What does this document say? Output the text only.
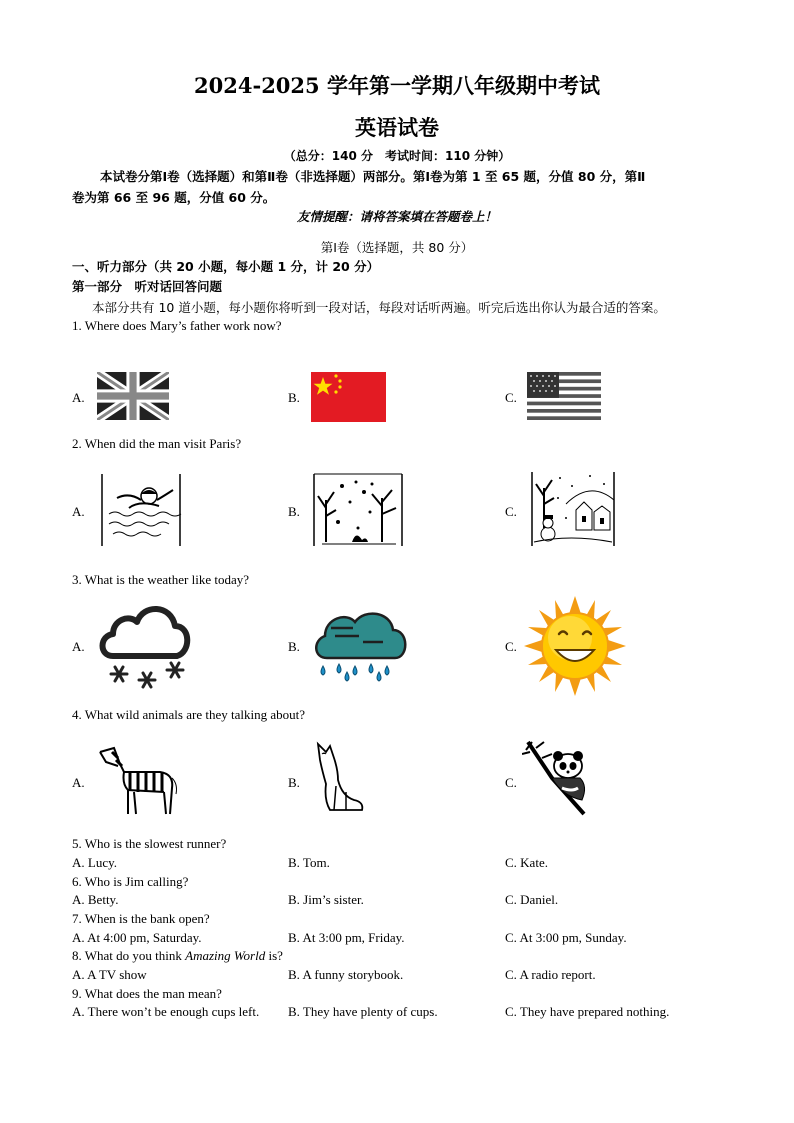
2024-2025 学年第一学期八年级期中考试
英语试卷
（总分：140 分　考试时间：110 分钟）
本试卷分第Ⅰ卷（选择题）和第Ⅱ卷（非选择题）两部分。第Ⅰ卷为第 1 至 65 题，分值 80 分，第Ⅱ
卷为第 66 至 96 题，分值 60 分。
友情提醒：请将答案填在答题卷上！
第Ⅰ卷（选择题，共 80 分）
一、听力部分（共 20 小题，每小题 1 分，计 20 分）
第一部分　听对话回答问题
本部分共有 10 道小题，每小题你将听到一段对话，每段对话听两遍。听完后选出你认为最合适的答案。
1. Where does Mary’s father work now?
A.	B.	C.
2. When did the man visit Paris?
A.	B.	C.
3. What is the weather like today?
A.	B.	C.
4. What wild animals are they talking about?
A.	B.	C.
5. Who is the slowest runner?
A. Lucy.	B. Tom.	C. Kate.
6. Who is Jim calling?
A. Betty.	B. Jim’s sister.	C. Daniel.
7. When is the bank open?
A. At 4:00 pm, Saturday.	B. At 3:00 pm, Friday.	C. At 3:00 pm, Sunday.
8. What do you think Amazing World is?
A. A TV show	B. A funny storybook.	C. A radio report.
9. What does the man mean?
A. There won’t be enough cups left. B. They have plenty of cups.	C. They have prepared nothing.
